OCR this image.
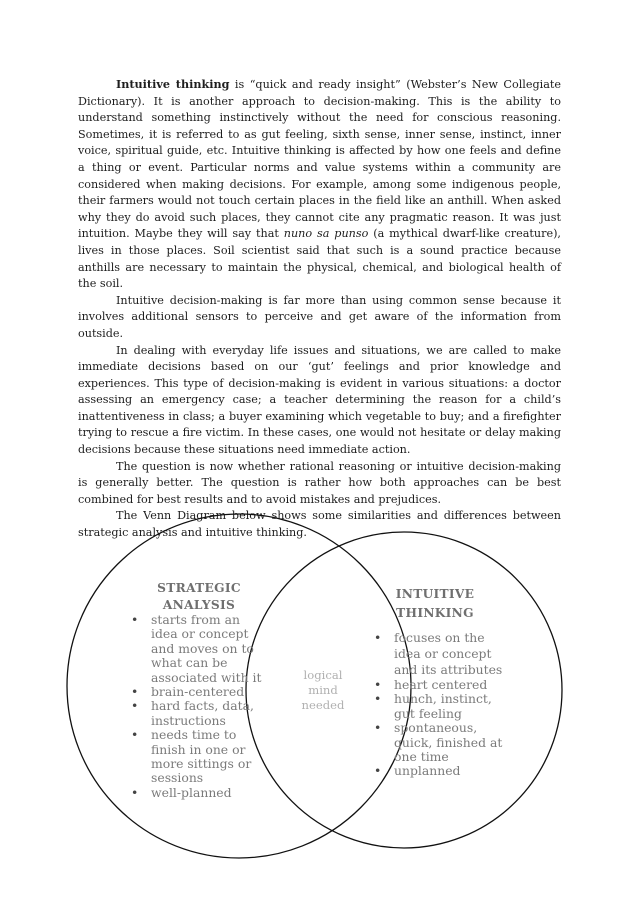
Intuitive thinking is “quick and ready insight” (Webster’s New Collegiate Dictionary). It is another approach to decision-making. This is the ability to understand something instinctively without the need for conscious reasoning. Sometimes, it is referred to as gut feeling, sixth sense, inner sense, instinct, inner voice, spiritual guide, etc. Intuitive thinking is affected by how one feels and define a thing or event. Particular norms and value systems within a community are considered when making decisions. For example, among some indigenous people, their farmers would not touch certain places in the field like an anthill. When asked why they do avoid such places, they cannot cite any pragmatic reason. It was just intuition. Maybe they will say that nuno sa punso (a mythical dwarf-like creature), lives in those places. Soil scientist said that such is a sound practice because anthills are necessary to maintain the physical, chemical, and biological health of the soil.

Intuitive decision-making is far more than using common sense because it involves additional sensors to perceive and get aware of the information from outside.

In dealing with everyday life issues and situations, we are called to make immediate decisions based on our ‘gut’ feelings and prior knowledge and experiences. This type of decision-making is evident in various situations: a doctor assessing an emergency case; a teacher determining the reason for a child’s inattentiveness in class; a buyer examining which vegetable to buy; and a firefighter trying to rescue a fire victim. In these cases, one would not hesitate or delay making decisions because these situations need immediate action.

The question is now whether rational reasoning or intuitive decision-making is generally better. The question is rather how both approaches can be best combined for best results and to avoid mistakes and prejudices.

The Venn Diagram below shows some similarities and differences between strategic analysis and intuitive thinking.

STRATEGIC
ANALYSIS
• starts from an idea or concept and moves on to what can be associated with it
• brain-centered
• hard facts, data, instructions
• needs time to finish in one or more sittings or sessions
• well-planned
logical
mind
needed
INTUITIVE
THINKING
• focuses on the idea or concept and its attributes
• heart centered
• hunch, instinct, gut feeling
• spontaneous, quick, finished at one time
• unplanned
